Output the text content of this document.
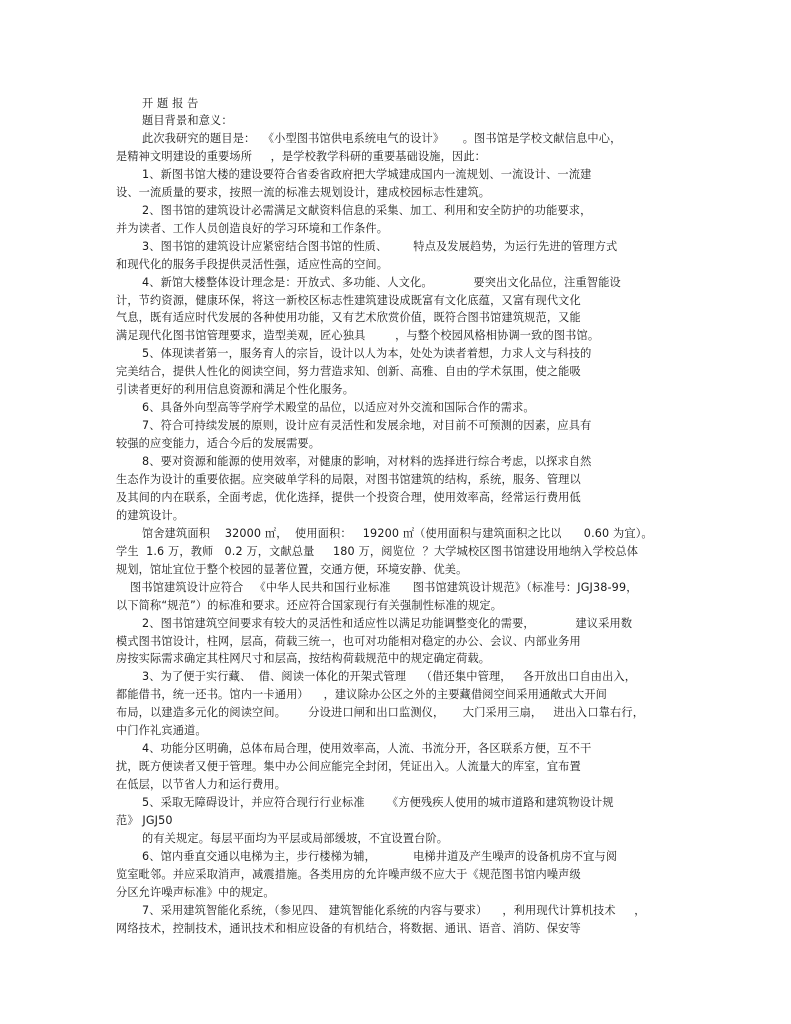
开 题 报 告
题目背景和意义：
此次我研究的题目是：  《小型图书馆供电系统电气的设计》     。图书馆是学校文献信息中心，
是精神文明建设的重要场所     ，是学校教学科研的重要基础设施，因此：
1、新图书馆大楼的建设要符合省委省政府把大学城建成国内一流规划、一流设计、一流建
设、一流质量的要求，按照一流的标准去规划设计，建成校园标志性建筑。
2、图书馆的建筑设计必需满足文献资料信息的采集、加工、利用和安全防护的功能要求，
并为读者、工作人员创造良好的学习环境和工作条件。
3、图书馆的建筑设计应紧密结合图书馆的性质、       特点及发展趋势，为运行先进的管理方式
和现代化的服务手段提供灵活性强，适应性高的空间。
4、新馆大楼整体设计理念是：开放式、多功能、人文化。           要突出文化品位，注重智能设
计，节约资源，健康环保，将这一新校区标志性建筑建设成既富有文化底蕴，又富有现代文化
气息，既有适应时代发展的各种使用功能，又有艺术欣赏价值，既符合图书馆建筑规范，又能
满足现代化图书馆管理要求，造型美观，匠心独具        ，与整个校园风格相协调一致的图书馆。
5、体现读者第一，服务育人的宗旨，设计以人为本，处处为读者着想，力求人文与科技的
完美结合，提供人性化的阅读空间，努力营造求知、创新、高雅、自由的学术氛围，使之能吸
引读者更好的利用信息资源和满足个性化服务。
6、具备外向型高等学府学术殿堂的品位，以适应对外交流和国际合作的需求。
7、符合可持续发展的原则，设计应有灵活性和发展余地，对目前不可预测的因素，应具有
较强的应变能力，适合今后的发展需要。
8、要对资源和能源的使用效率，对健康的影响，对材料的选择进行综合考虑，以探求自然
生态作为设计的重要依据。应突破单学科的局限，对图书馆建筑的结构，系统，服务、管理以
及其间的内在联系，全面考虑，优化选择，提供一个投资合理，使用效率高，经常运行费用低
的建筑设计。
馆舍建筑面积    32000 ㎡，  使用面积：   19200 ㎡（使用面积与建筑面积之比以      0.60 为宜）。
学生  1.6 万，教师   0.2 万，文献总量     180 万，阅览位  ？大学城校区图书馆建设用地纳入学校总体
规划，馆址宜位于整个校园的显著位置，交通方便，环境安静、优美。
图书馆建筑设计应符合   《中华人民共和国行业标准      图书馆建筑设计规范》（标准号：JGJ38-99，
以下简称“规范”）的标准和要求。还应符合国家现行有关强制性标准的规定。
2、图书馆建筑空间要求有较大的灵活性和适应性以满足功能调整变化的需要，           建议采用数
模式图书馆设计，柱网，层高，荷载三统一，也可对功能相对稳定的办公、会议、内部业务用
房按实际需求确定其柱网尺寸和层高，按结构荷载规范中的规定确定荷载。
3、为了便于实行藏、  借、阅读一体化的开架式管理    （借还集中管理，   各开放出口自由出入，
都能借书，统一还书。馆内一卡通用）    ，建议除办公区之外的主要藏借阅空间采用通敞式大开间
布局，以建造多元化的阅读空间。      分设进口闸和出口监测仪，     大门采用三扇，   进出入口靠右行，
中门作礼宾通道。
4、功能分区明确，总体布局合理，使用效率高，人流、书流分开，各区联系方便，互不干
扰，既方便读者又便于管理。集中办公间应能完全封闭，凭证出入。人流量大的库室，宜布置
在低层，以节省人力和运行费用。
5、采取无障碍设计，并应符合现行行业标准      《方便残疾人使用的城市道路和建筑物设计规
范》 JGJ50
的有关规定。每层平面均为平层或局部缓坡，不宜设置台阶。
6、馆内垂直交通以电梯为主，步行楼梯为辅，          电梯井道及产生噪声的设备机房不宜与阅
览室毗邻。并应采取消声，减震措施。各类用房的允许噪声级不应大于《规范图书馆内噪声级
分区允许噪声标准》中的规定。
7、采用建筑智能化系统，（参见四、 建筑智能化系统的内容与要求）    ，利用现代计算机技术     ，
网络技术，控制技术，通讯技术和相应设备的有机结合，将数据、通讯、语音、消防、保安等
